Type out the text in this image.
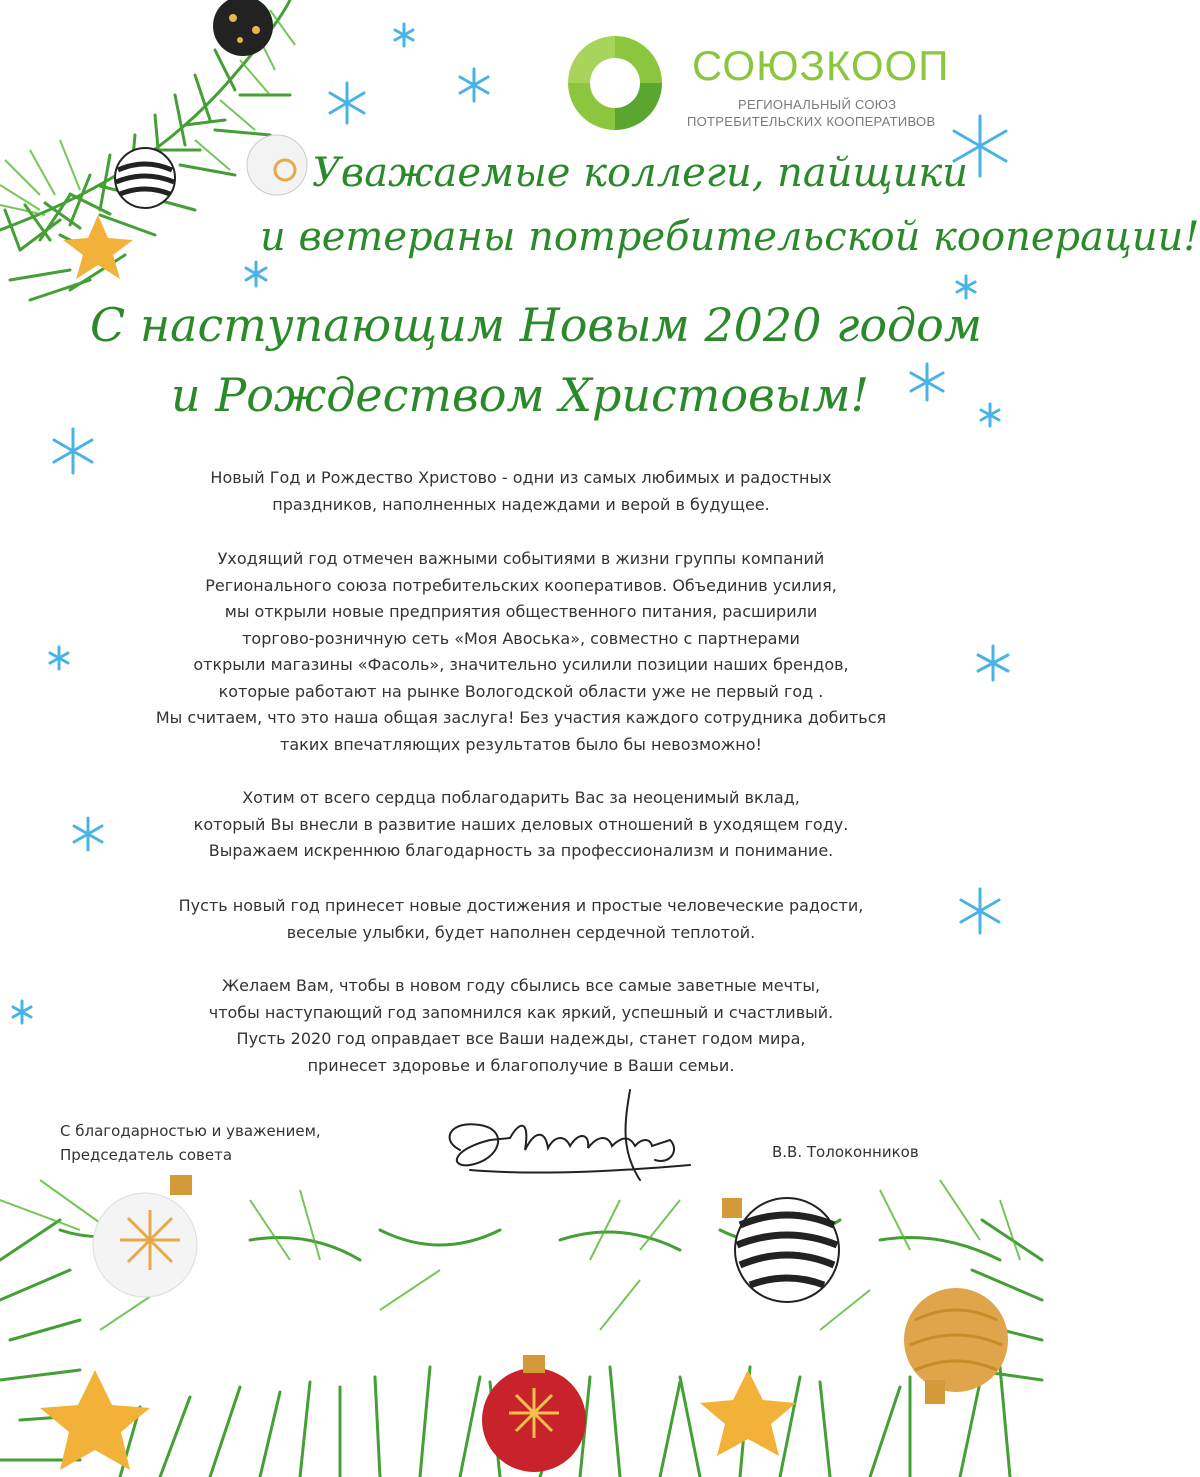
СОЮЗКООП
РЕГИОНАЛЬНЫЙ СОЮЗ
ПОТРЕБИТЕЛЬСКИХ КООПЕРАТИВОВ
Уважаемые коллеги, пайщики
и ветераны потребительской кооперации!
С наступающим Новым 2020 годом
и Рождеством Христовым!
Новый Год и Рождество Христово - одни из самых любимых и радостных
праздников, наполненных надеждами и верой в будущее.
Уходящий год отмечен важными событиями в жизни группы компаний
Регионального союза потребительских кооперативов. Объединив усилия,
мы открыли новые предприятия общественного питания, расширили
торгово-розничную сеть «Моя Авоська», совместно с партнерами
открыли магазины «Фасоль», значительно усилили позиции наших брендов,
которые работают на рынке Вологодской области уже не первый год .
Мы считаем, что это наша общая заслуга! Без участия каждого сотрудника добиться
таких впечатляющих результатов было бы невозможно!
Хотим от всего сердца поблагодарить Вас за неоценимый вклад,
который Вы внесли в развитие наших деловых отношений в уходящем году.
Выражаем искреннюю благодарность за профессионализм и понимание.
Пусть новый год принесет новые достижения и простые человеческие радости,
веселые улыбки, будет наполнен сердечной теплотой.
Желаем Вам, чтобы в новом году сбылись все самые заветные мечты,
чтобы наступающий год запомнился как яркий, успешный и счастливый.
Пусть 2020 год оправдает все Ваши надежды, станет годом мира,
принесет здоровье и благополучие в Ваши семьи.
С благодарностью и уважением,
Председатель совета	В.В. Толоконников
